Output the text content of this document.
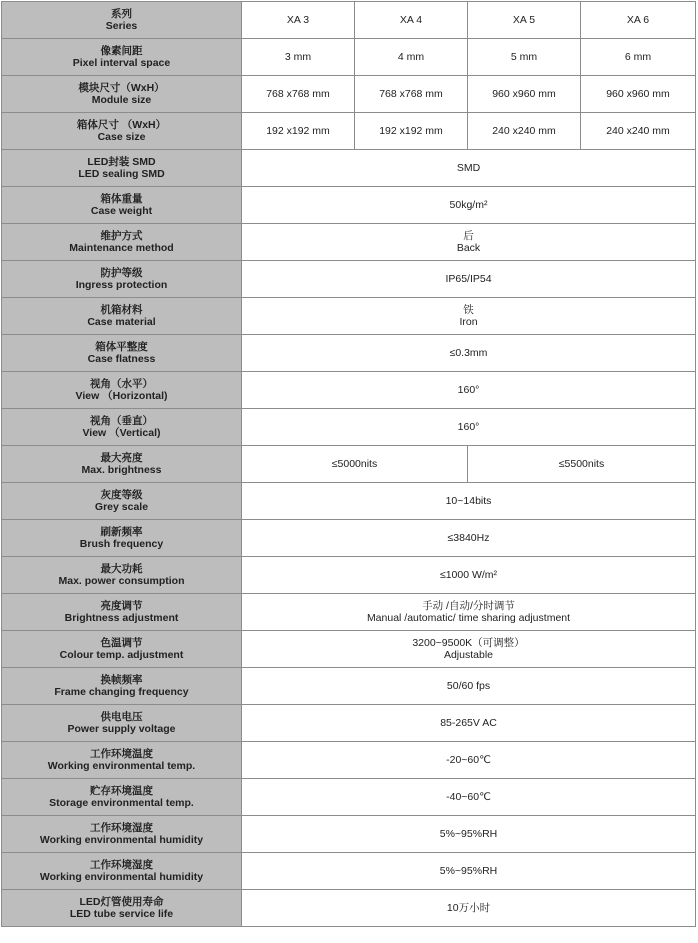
系列
Series	XA 3	XA 4	XA 5	XA 6

像素间距
Pixel interval space	3 mm	4 mm	5 mm	6 mm

模块尺寸（WxH）
Module size	768 x768 mm	768 x768 mm	960 x960 mm	960 x960 mm

箱体尺寸 （WxH）
Case size	192 x192 mm	192 x192 mm	240 x240 mm	240 x240 mm

LED封装 SMD
LED sealing SMD	SMD			

箱体重量
Case weight	50kg/m²			

维护方式
Maintenance method	后
Back			

防护等级
Ingress protection	IP65/IP54			

机箱材料
Case material	铁
Iron			

箱体平整度
Case flatness	≤0.3mm			

视角（水平）
View （Horizontal)	160°			

视角（垂直）
View （Vertical)	160°			

最大亮度
Max. brightness	≤5000nits		≤5500nits	

灰度等级
Grey scale	10~14bits			

刷新频率
Brush frequency	≤3840Hz			

最大功耗
Max. power consumption	≤1000 W/m²			

亮度调节
Brightness adjustment	手动 /自动/分时调节
Manual /automatic/ time sharing adjustment			

色温调节
Colour temp. adjustment	3200~9500K（可调整）
Adjustable			

换帧频率
Frame changing frequency	50/60 fps			

供电电压
Power supply voltage	85-265V AC			

工作环境温度
Working environmental temp.	-20~60℃			

贮存环境温度
Storage environmental temp.	-40~60℃			

工作环境湿度
Working environmental humidity	5%~95%RH			

工作环境湿度
Working environmental humidity	5%~95%RH			

LED灯管使用寿命
LED tube service life	10万小时			
